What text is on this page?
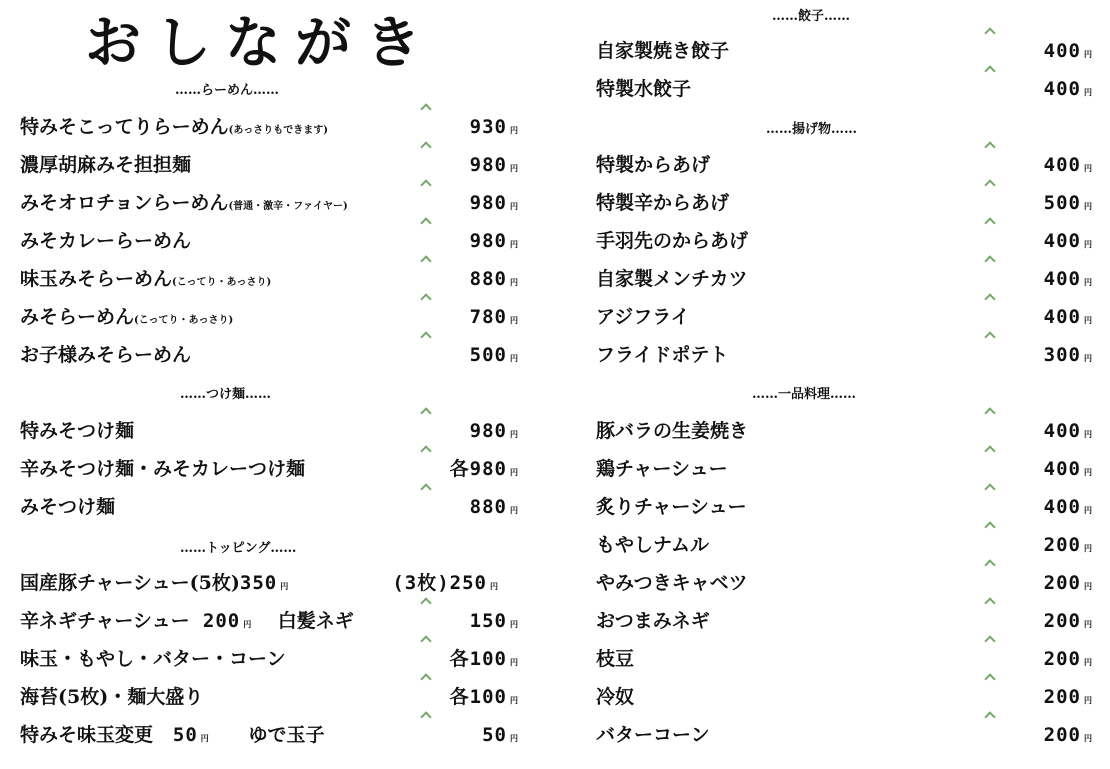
おしながき
……らーめん……
特みそこってりらーめん(あっさりもできます)	930 円
濃厚胡麻みそ担担麺	980 円
みそオロチョンらーめん(普通・激辛・ファイヤー)	980 円
みそカレーらーめん	980 円
味玉みそらーめん(こってり・あっさり)	880 円
みそらーめん(こってり・あっさり)	780 円
お子様みそらーめん	500 円
……つけ麺……
特みそつけ麺	980 円
辛みそつけ麺・みそカレーつけ麺	各980 円
みそつけ麺	880 円
……トッピング……
国産豚チャーシュー(5枚)350 円	(3枚)250 円
辛ネギチャーシュー 200 円 白髪ネギ	150 円
味玉・もやし・バター・コーン	各100 円
海苔(5枚)・麺大盛り	各100 円
特みそ味玉変更 50 円 ゆで玉子	50 円
……餃子……
自家製焼き餃子	400 円
特製水餃子	400 円
……揚げ物……
特製からあげ	400 円
特製辛からあげ	500 円
手羽先のからあげ	400 円
自家製メンチカツ	400 円
アジフライ	400 円
フライドポテト	300 円
……一品料理……
豚バラの生姜焼き	400 円
鶏チャーシュー	400 円
炙りチャーシュー	400 円
もやしナムル	200 円
やみつきキャベツ	200 円
おつまみネギ	200 円
枝豆	200 円
冷奴	200 円
バターコーン	200 円
